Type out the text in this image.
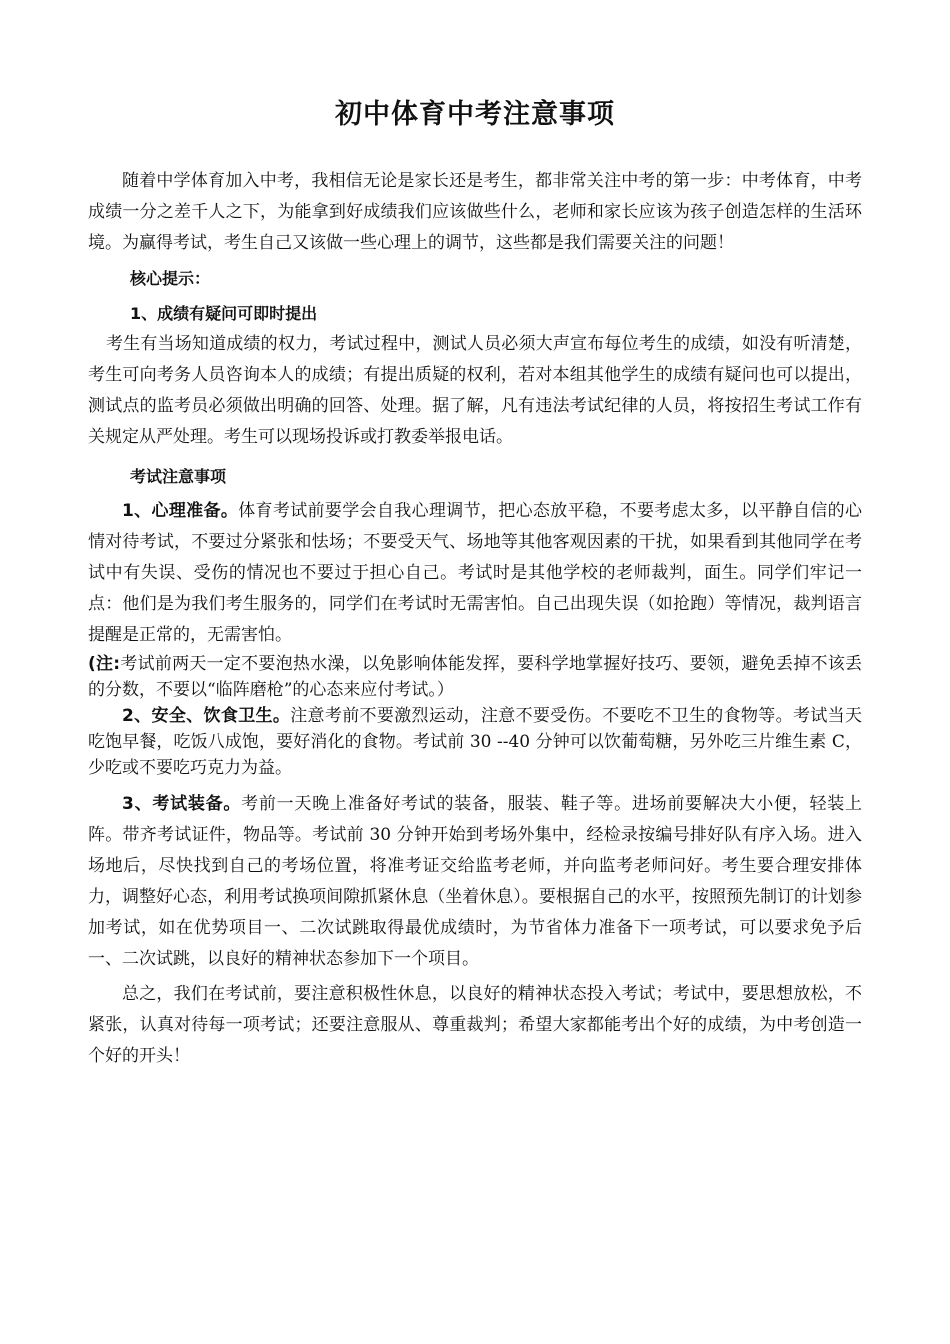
初中体育中考注意事项

随着中学体育加入中考，我相信无论是家长还是考生，都非常关注中考的第一步：中考体育，中考成绩一分之差千人之下，为能拿到好成绩我们应该做些什么，老师和家长应该为孩子创造怎样的生活环境。为赢得考试，考生自己又该做一些心理上的调节，这些都是我们需要关注的问题！

核心提示：

1、成绩有疑问可即时提出

考生有当场知道成绩的权力，考试过程中，测试人员必须大声宣布每位考生的成绩，如没有听清楚，考生可向考务人员咨询本人的成绩；有提出质疑的权利，若对本组其他学生的成绩有疑问也可以提出，测试点的监考员必须做出明确的回答、处理。据了解，凡有违法考试纪律的人员，将按招生考试工作有关规定从严处理。考生可以现场投诉或打教委举报电话。

考试注意事项

1、心理准备。体育考试前要学会自我心理调节，把心态放平稳，不要考虑太多，以平静自信的心情对待考试，不要过分紧张和怯场；不要受天气、场地等其他客观因素的干扰，如果看到其他同学在考试中有失误、受伤的情况也不要过于担心自己。考试时是其他学校的老师裁判，面生。同学们牢记一点：他们是为我们考生服务的，同学们在考试时无需害怕。自己出现失误（如抢跑）等情况，裁判语言提醒是正常的，无需害怕。

(注:考试前两天一定不要泡热水澡，以免影响体能发挥，要科学地掌握好技巧、要领，避免丢掉不该丢的分数，不要以“临阵磨枪”的心态来应付考试。）

2、安全、饮食卫生。注意考前不要激烈运动，注意不要受伤。不要吃不卫生的食物等。考试当天吃饱早餐，吃饭八成饱，要好消化的食物。考试前 30 --40 分钟可以饮葡萄糖，另外吃三片维生素 C，少吃或不要吃巧克力为益。

3、考试装备。考前一天晚上准备好考试的装备，服装、鞋子等。进场前要解决大小便，轻装上阵。带齐考试证件，物品等。考试前 30 分钟开始到考场外集中，经检录按编号排好队有序入场。进入场地后，尽快找到自己的考场位置，将准考证交给监考老师，并向监考老师问好。考生要合理安排体力，调整好心态，利用考试换项间隙抓紧休息（坐着休息）。要根据自己的水平，按照预先制订的计划参加考试，如在优势项目一、二次试跳取得最优成绩时，为节省体力准备下一项考试，可以要求免予后一、二次试跳，以良好的精神状态参加下一个项目。

总之，我们在考试前，要注意积极性休息，以良好的精神状态投入考试；考试中，要思想放松，不紧张，认真对待每一项考试；还要注意服从、尊重裁判；希望大家都能考出个好的成绩，为中考创造一个好的开头！
